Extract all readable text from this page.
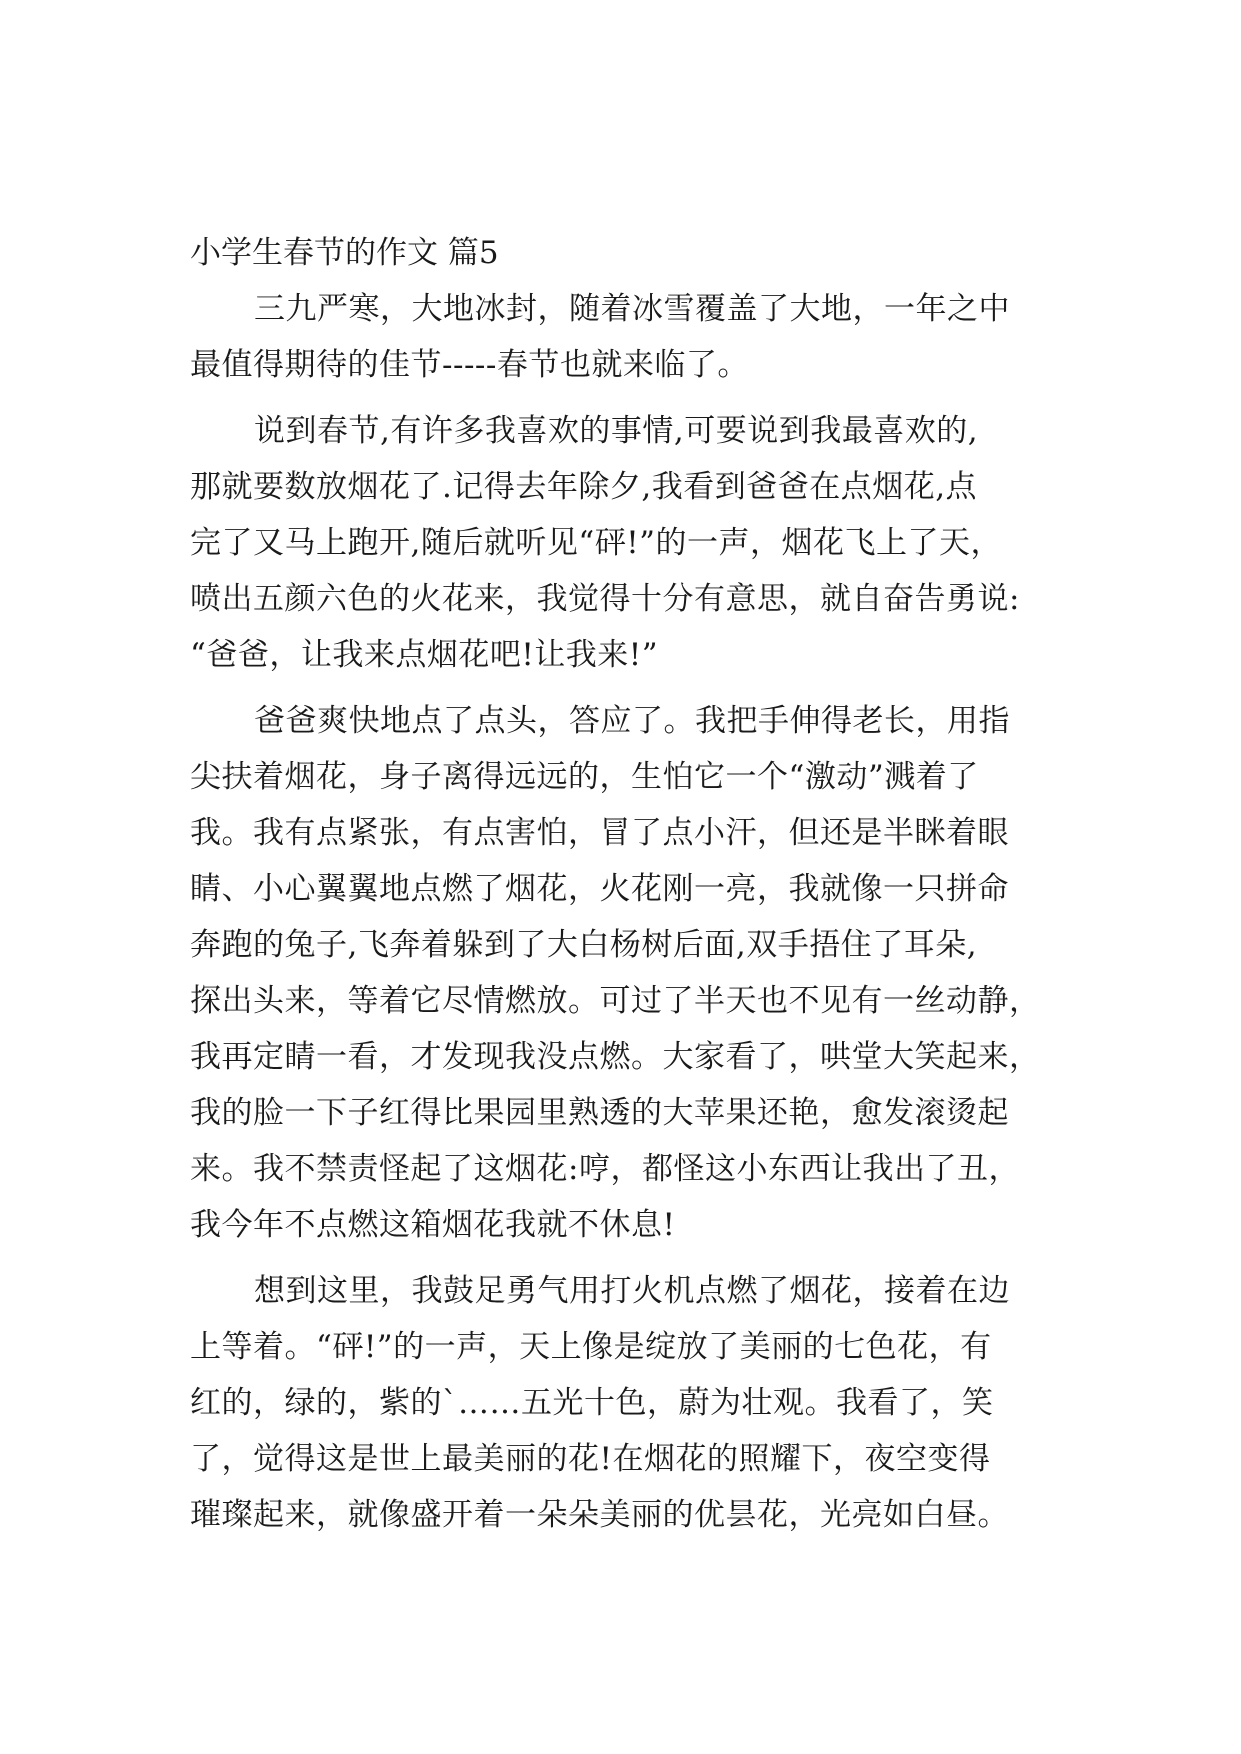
小学生春节的作文 篇5
三九严寒，大地冰封，随着冰雪覆盖了大地，一年之中
最值得期待的佳节-----春节也就来临了。
说到春节,有许多我喜欢的事情,可要说到我最喜欢的,
那就要数放烟花了.记得去年除夕,我看到爸爸在点烟花,点
完了又马上跑开,随后就听见“砰!”的一声，烟花飞上了天，
喷出五颜六色的火花来，我觉得十分有意思，就自奋告勇说:
“爸爸，让我来点烟花吧!让我来!”
爸爸爽快地点了点头，答应了。我把手伸得老长，用指
尖扶着烟花，身子离得远远的，生怕它一个“激动”溅着了
我。我有点紧张，有点害怕，冒了点小汗，但还是半眯着眼
睛、小心翼翼地点燃了烟花，火花刚一亮，我就像一只拼命
奔跑的兔子,飞奔着躲到了大白杨树后面,双手捂住了耳朵,
探出头来，等着它尽情燃放。可过了半天也不见有一丝动静，
我再定睛一看，才发现我没点燃。大家看了，哄堂大笑起来，
我的脸一下子红得比果园里熟透的大苹果还艳，愈发滚烫起
来。我不禁责怪起了这烟花:哼，都怪这小东西让我出了丑，
我今年不点燃这箱烟花我就不休息!
想到这里，我鼓足勇气用打火机点燃了烟花，接着在边
上等着。“砰!”的一声，天上像是绽放了美丽的七色花，有
红的，绿的，紫的`……五光十色，蔚为壮观。我看了，笑
了，觉得这是世上最美丽的花!在烟花的照耀下，夜空变得
璀璨起来，就像盛开着一朵朵美丽的优昙花，光亮如白昼。
